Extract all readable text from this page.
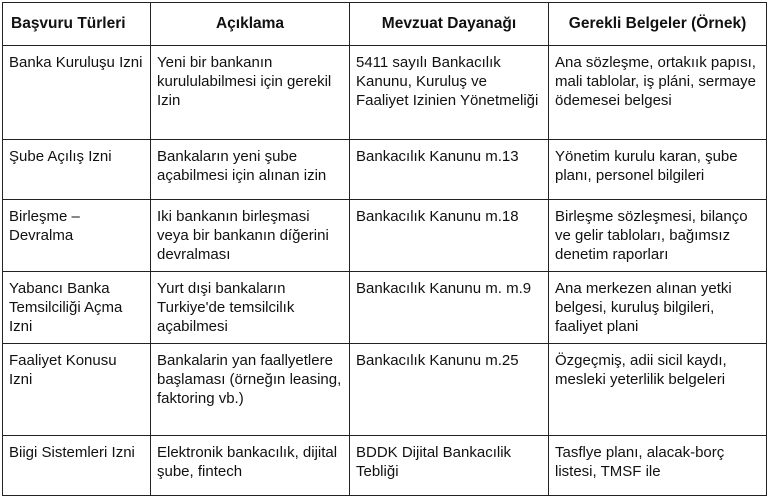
Başvuru Türleri	Açıklama	Mevzuat Dayanağı	Gerekli Belgeler (Örnek)
Banka Kuruluşu Izni	Yeni bir bankanın kurululabilmesi için gerekil Izin	5411 sayılı Bankacılık Kanunu, Kuruluş ve Faaliyet Izinien Yönetmeliği	Ana sözleşme, ortakıık papısı, mali tablolar, iş pláni, sermaye ödemesei belgesi
Şube Açılış Izni	Bankaların yeni şube açabilmesi için alınan izin	Bankacılık Kanunu m.13	Yönetim kurulu karan, şube planı, personel bilgileri
Birleşme – Devralma	Iki bankanın birleşmasi veya bir bankanın díğerini devralması	Bankacılık Kanunu m.18	Birleşme sözleşmesi, bilanço ve gelir tabloları, bağımsız denetim raporları
Yabancı Banka Temsilciliği Açma Izni	Yurt dışi bankaların Turkiye'de temsilcilık açabilmesi	Bankacılık Kanunu m. m.9	Ana merkezen alınan yetki belgesi, kuruluş bilgileri, faaliyet plani
Faaliyet Konusu Izni	Bankalarin yan faallyetlere başlaması (örneğın leasing, faktoring vb.)	Bankacılık Kanunu m.25	Özgeçmiş, adii sicil kaydı, mesleki yeterlilik belgeleri
Biigi Sistemleri Izni	Elektronik bankacılık, dijital şube, fintech	BDDK Dijital Bankacılik Tebliği	Tasflye planı, alacak-borç listesi, TMSF ile
